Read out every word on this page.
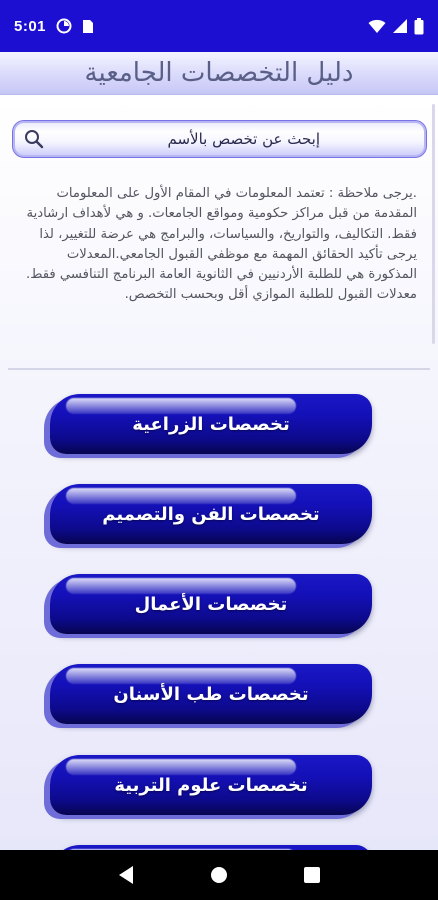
5:01
دليل التخصصات الجامعية
إبحث عن تخصص بالأسم

.يرجى ملاحظة : تعتمد المعلومات في المقام الأول على المعلومات المقدمة من قبل مراكز حكومية ومواقع الجامعات. و هي لأهداف ارشادية فقط. التكاليف، والتواريخ، والسياسات، والبرامج هي عرضة للتغيير، لذا يرجى تأكيد الحقائق المهمة مع موظفي القبول الجامعي.المعدلات المذكورة هي للطلبة الأردنيين في الثانوية العامة البرنامج التنافسي فقط. معدلات القبول للطلبة الموازي أقل وبحسب التخصص.

تخصصات الزراعية
تخصصات الفن والتصميم
تخصصات الأعمال
تخصصات طب الأسنان
تخصصات علوم التربية
